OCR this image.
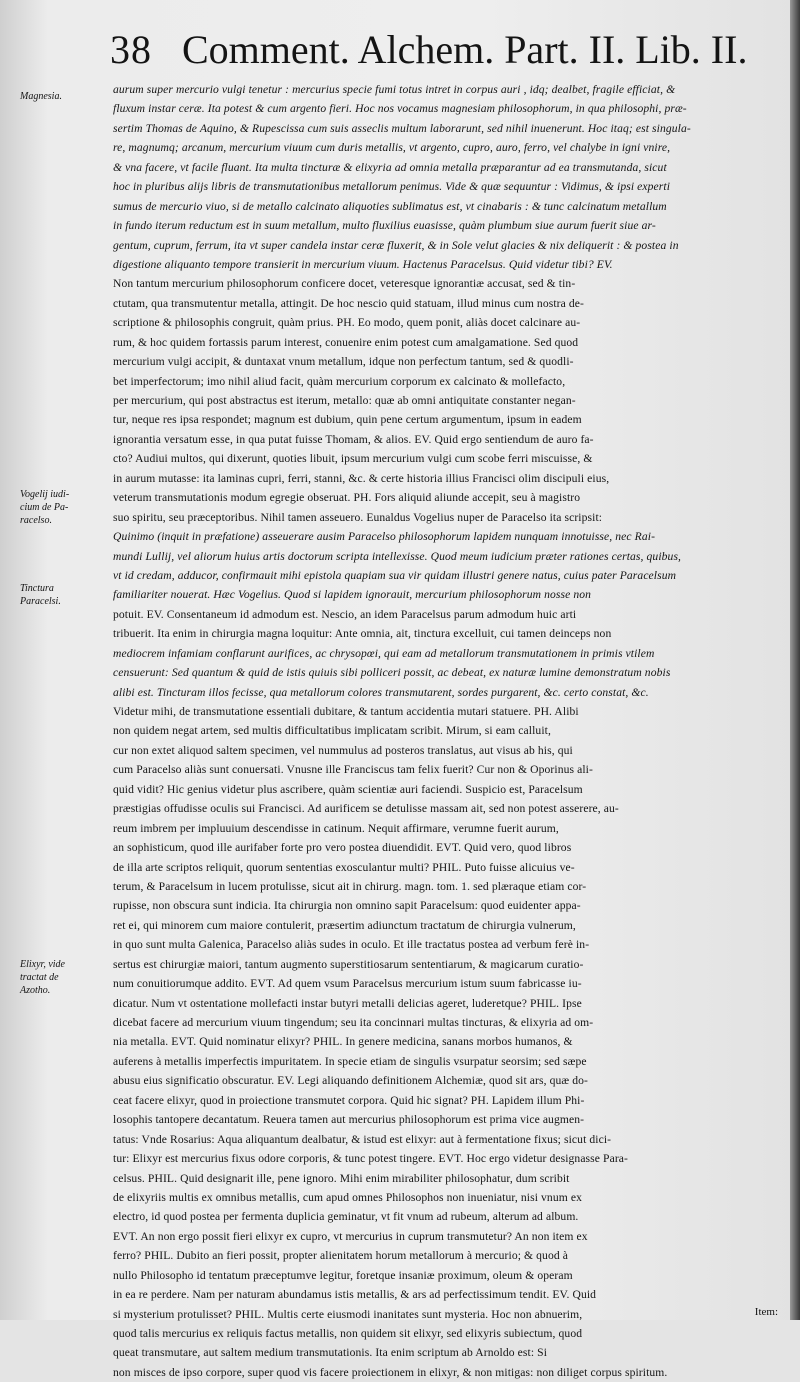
38 Comment. Alchem. Part. II. Lib. II.
Magnesia.
Vogelij iudi-
cium de Pa-
racelso.
Tinctura
Paracelsi.
Elixyr, vide
tractat de
Azotho.
aurum super mercurio vulgi tenetur : mercurius specie fumi totus intret in corpus auri , idq; dealbet, fragile efficiat, &
fluxum instar ceræ. Ita potest & cum argento fieri. Hoc nos vocamus magnesiam philosophorum, in qua philosophi, præ-
sertim Thomas de Aquino, & Rupescissa cum suis asseclis multum laborarunt, sed nihil inuenerunt. Hoc itaq; est singula-
re, magnumq; arcanum, mercurium viuum cum duris metallis, vt argento, cupro, auro, ferro, vel chalybe in igni vnire,
& vna facere, vt facile fluant. Ita multa tincturæ & elixyria ad omnia metalla præparantur ad ea transmutanda, sicut
hoc in pluribus alijs libris de transmutationibus metallorum penimus. Vide & quæ sequuntur : Vidimus, & ipsi experti
sumus de mercurio viuo, si de metallo calcinato aliquoties sublimatus est, vt cinabaris : & tunc calcinatum metallum
in fundo iterum reductum est in suum metallum, multo fluxilius euasisse, quàm plumbum siue aurum fuerit siue ar-
gentum, cuprum, ferrum, ita vt super candela instar ceræ fluxerit, & in Sole velut glacies & nix deliquerit : & postea in
digestione aliquanto tempore transierit in mercurium viuum. Hactenus Paracelsus. Quid videtur tibi? EV.
Non tantum mercurium philosophorum conficere docet, veteresque ignorantiæ accusat, sed & tin-
ctutam, qua transmutentur metalla, attingit. De hoc nescio quid statuam, illud minus cum nostra de-
scriptione & philosophis congruit, quàm prius. PH. Eo modo, quem ponit, aliàs docet calcinare au-
rum, & hoc quidem fortassis parum interest, conuenire enim potest cum amalgamatione. Sed quod
mercurium vulgi accipit, & duntaxat vnum metallum, idque non perfectum tantum, sed & quodli-
bet imperfectorum; imo nihil aliud facit, quàm mercurium corporum ex calcinato & mollefacto,
per mercurium, qui post abstractus est iterum, metallo: quæ ab omni antiquitate constanter negan-
tur, neque res ipsa respondet; magnum est dubium, quin pene certum argumentum, ipsum in eadem
ignorantia versatum esse, in qua putat fuisse Thomam, & alios. EV. Quid ergo sentiendum de auro fa-
cto? Audiui multos, qui dixerunt, quoties libuit, ipsum mercurium vulgi cum scobe ferri miscuisse, &
in aurum mutasse: ita laminas cupri, ferri, stanni, &c. & certe historia illius Francisci olim discipuli eius,
veterum transmutationis modum egregie obseruat. PH. Fors aliquid aliunde accepit, seu à magistro
suo spiritu, seu præceptoribus. Nihil tamen asseuero. Eunaldus Vogelius nuper de Paracelso ita scripsit:
Quinimo (inquit in præfatione) asseuerare ausim Paracelso philosophorum lapidem nunquam innotuisse, nec Rai-
mundi Lullij, vel aliorum huius artis doctorum scripta intellexisse. Quod meum iudicium præter rationes certas, quibus,
vt id credam, adducor, confirmauit mihi epistola quapiam sua vir quidam illustri genere natus, cuius pater Paracelsum
familiariter nouerat. Hæc Vogelius. Quod si lapidem ignorauit, mercurium philosophorum nosse non
potuit. EV. Consentaneum id admodum est. Nescio, an idem Paracelsus parum admodum huic arti
tribuerit. Ita enim in chirurgia magna loquitur: Ante omnia, ait, tinctura excelluit, cui tamen deinceps non
mediocrem infamiam conflarunt aurifices, ac chrysopœi, qui eam ad metallorum transmutationem in primis vtilem
censuerunt: Sed quantum & quid de istis quiuis sibi polliceri possit, ac debeat, ex naturæ lumine demonstratum nobis
alibi est. Tincturam illos fecisse, qua metallorum colores transmutarent, sordes purgarent, &c. certo constat, &c.
Videtur mihi, de transmutatione essentiali dubitare, & tantum accidentia mutari statuere. PH. Alibi
non quidem negat artem, sed multis difficultatibus implicatam scribit. Mirum, si eam calluit,
cur non extet aliquod saltem specimen, vel nummulus ad posteros translatus, aut visus ab his, qui
cum Paracelso aliàs sunt conuersati. Vnusne ille Franciscus tam felix fuerit? Cur non & Oporinus ali-
quid vidit? Hic genius videtur plus ascribere, quàm scientiæ auri faciendi. Suspicio est, Paracelsum
præstigias offudisse oculis sui Francisci. Ad aurificem se detulisse massam ait, sed non potest asserere, au-
reum imbrem per impluuium descendisse in catinum. Nequit affirmare, verumne fuerit aurum,
an sophisticum, quod ille aurifaber forte pro vero postea diuendidit. EVT. Quid vero, quod libros
de illa arte scriptos reliquit, quorum sententias exosculantur multi? PHIL. Puto fuisse alicuius ve-
terum, & Paracelsum in lucem protulisse, sicut ait in chirurg. magn. tom. 1. sed plæraque etiam cor-
rupisse, non obscura sunt indicia. Ita chirurgia non omnino sapit Paracelsum: quod euidenter appa-
ret ei, qui minorem cum maiore contulerit, præsertim adiunctum tractatum de chirurgia vulnerum,
in quo sunt multa Galenica, Paracelso aliàs sudes in oculo. Et ille tractatus postea ad verbum ferè in-
sertus est chirurgiæ maiori, tantum augmento superstitiosarum sententiarum, & magicarum curatio-
num conuitiorumque addito. EVT. Ad quem vsum Paracelsus mercurium istum suum fabricasse iu-
dicatur. Num vt ostentatione mollefacti instar butyri metalli delicias ageret, luderetque? PHIL. Ipse
dicebat facere ad mercurium viuum tingendum; seu ita concinnari multas tincturas, & elixyria ad om-
nia metalla. EVT. Quid nominatur elixyr? PHIL. In genere medicina, sanans morbos humanos, &
auferens à metallis imperfectis impuritatem. In specie etiam de singulis vsurpatur seorsim; sed sæpe
abusu eius significatio obscuratur. EV. Legi aliquando definitionem Alchemiæ, quod sit ars, quæ do-
ceat facere elixyr, quod in proiectione transmutet corpora. Quid hic signat? PH. Lapidem illum Phi-
losophis tantopere decantatum. Reuera tamen aut mercurius philosophorum est prima vice augmen-
tatus: Vnde Rosarius: Aqua aliquantum dealbatur, & istud est elixyr: aut à fermentatione fixus; sicut dici-
tur: Elixyr est mercurius fixus odore corporis, & tunc potest tingere. EVT. Hoc ergo videtur designasse Para-
celsus. PHIL. Quid designarit ille, pene ignoro. Mihi enim mirabiliter philosophatur, dum scribit
de elixyriis multis ex omnibus metallis, cum apud omnes Philosophos non inueniatur, nisi vnum ex
electro, id quod postea per fermenta duplicia geminatur, vt fit vnum ad rubeum, alterum ad album.
EVT. An non ergo possit fieri elixyr ex cupro, vt mercurius in cuprum transmutetur? An non item ex
ferro? PHIL. Dubito an fieri possit, propter alienitatem horum metallorum à mercurio; & quod à
nullo Philosopho id tentatum præceptumve legitur, foretque insaniæ proximum, oleum & operam
in ea re perdere. Nam per naturam abundamus istis metallis, & ars ad perfectissimum tendit. EV. Quid
si mysterium protulisset? PHIL. Multis certe eiusmodi inanitates sunt mysteria. Hoc non abnuerim,
quod talis mercurius ex reliquis factus metallis, non quidem sit elixyr, sed elixyris subiectum, quod
queat transmutare, aut saltem medium transmutationis. Ita enim scriptum ab Arnoldo est: Si
non misces de ipso corpore, super quod vis facere proiectionem in elixyr, & non mitigas: non diliget corpus spiritum.
Item:
